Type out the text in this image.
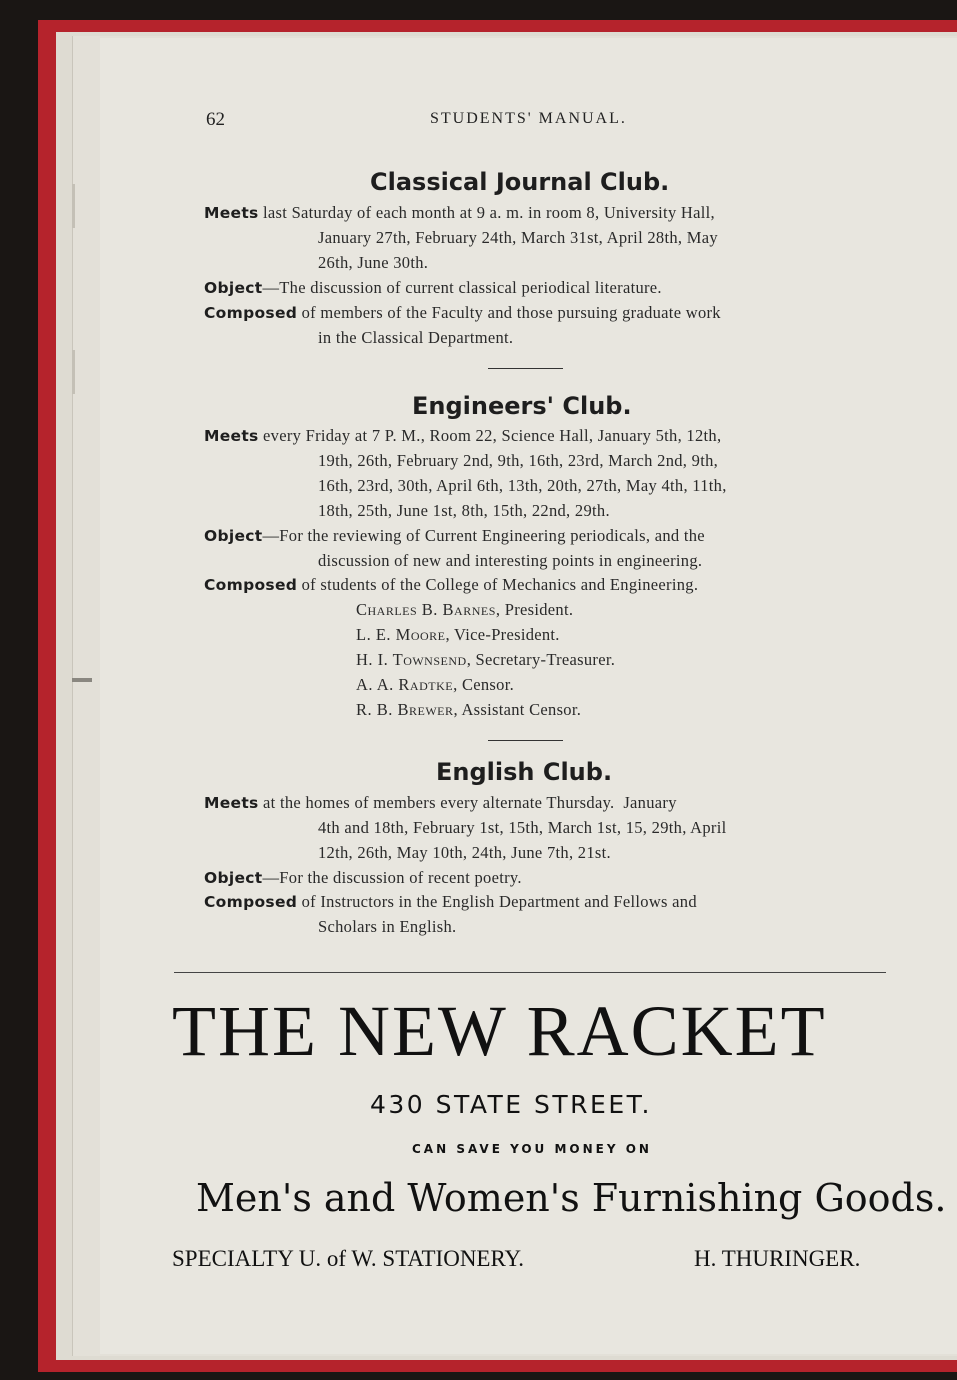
62	STUDENTS' MANUAL.
Classical Journal Club.
Meets last Saturday of each month at 9 a. m. in room 8, University Hall,
January 27th, February 24th, March 31st, April 28th, May
26th, June 30th.
Object—The discussion of current classical periodical literature.
Composed of members of the Faculty and those pursuing graduate work
in the Classical Department.
Engineers' Club.
Meets every Friday at 7 P. M., Room 22, Science Hall, January 5th, 12th,
19th, 26th, February 2nd, 9th, 16th, 23rd, March 2nd, 9th,
16th, 23rd, 30th, April 6th, 13th, 20th, 27th, May 4th, 11th,
18th, 25th, June 1st, 8th, 15th, 22nd, 29th.
Object—For the reviewing of Current Engineering periodicals, and the
discussion of new and interesting points in engineering.
Composed of students of the College of Mechanics and Engineering.
Charles B. Barnes, President.
L. E. Moore, Vice-President.
H. I. Townsend, Secretary-Treasurer.
A. A. Radtke, Censor.
R. B. Brewer, Assistant Censor.
English Club.
Meets at the homes of members every alternate Thursday.  January
4th and 18th, February 1st, 15th, March 1st, 15, 29th, April
12th, 26th, May 10th, 24th, June 7th, 21st.
Object—For the discussion of recent poetry.
Composed of Instructors in the English Department and Fellows and
Scholars in English.
THE NEW RACKET
430 STATE STREET.
CAN SAVE YOU MONEY ON
Men's and Women's Furnishing Goods.
SPECIALTY U. of W. STATIONERY.	H. THURINGER.
